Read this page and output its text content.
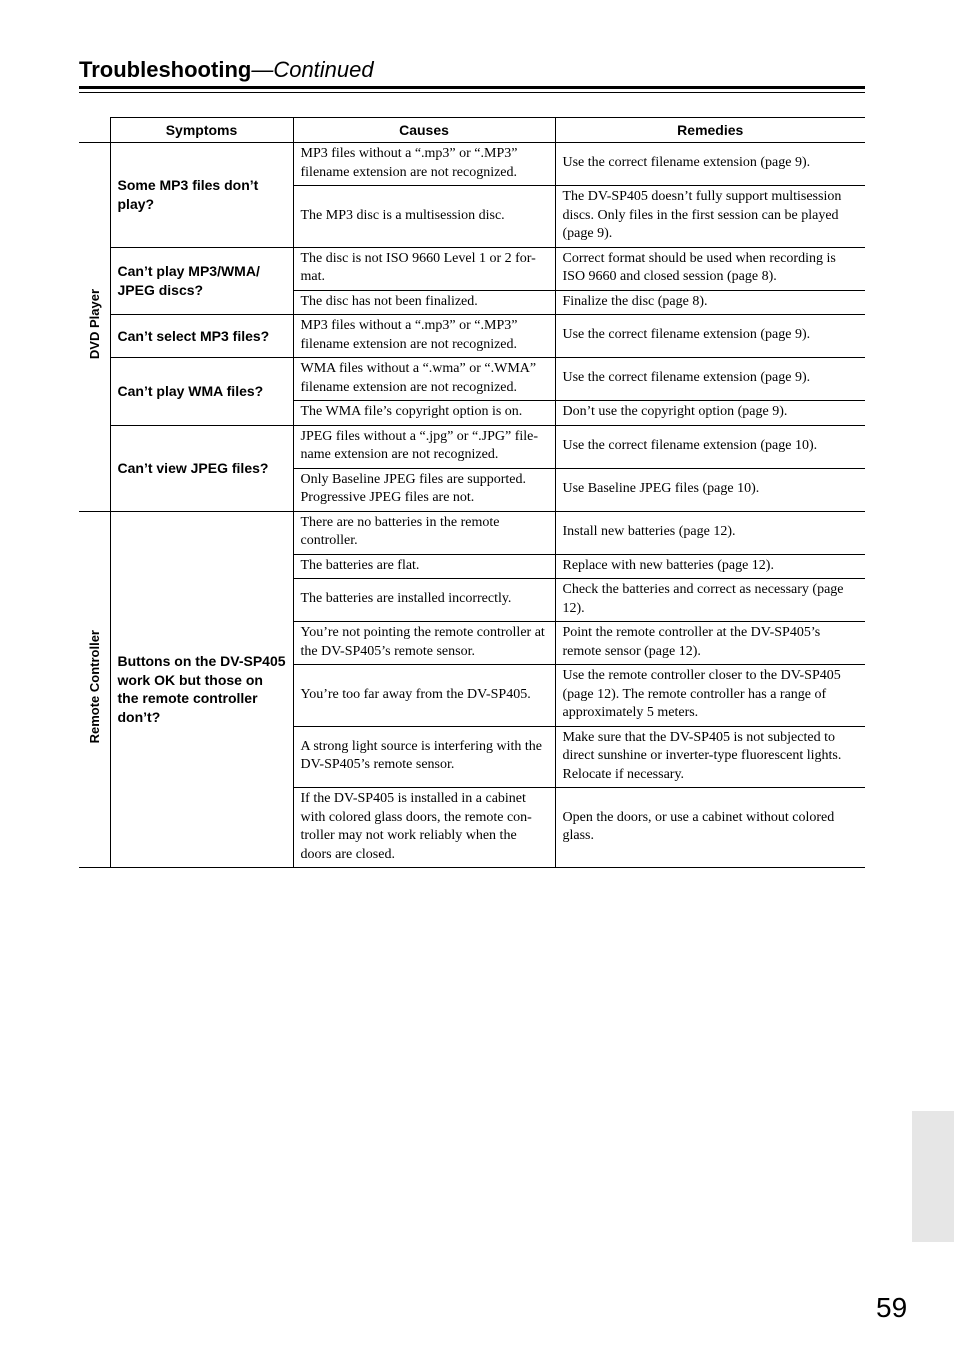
Troubleshooting—Continued
	Symptoms	Causes	Remedies
DVD Player	Some MP3 files don’t play?	MP3 files without a “.mp3” or “.MP3” filename extension are not recognized.	Use the correct filename extension (page 9).
		The MP3 disc is a multisession disc.	The DV-SP405 doesn’t fully support multisession discs. Only files in the first session can be played (page 9).
	Can’t play MP3/WMA/ JPEG discs?	The disc is not ISO 9660 Level 1 or 2 for-mat.	Correct format should be used when recording is ISO 9660 and closed session (page 8).
		The disc has not been finalized.	Finalize the disc (page 8).
	Can’t select MP3 files?	MP3 files without a “.mp3” or “.MP3” filename extension are not recognized.	Use the correct filename extension (page 9).
	Can’t play WMA files?	WMA files without a “.wma” or “.WMA” filename extension are not recognized.	Use the correct filename extension (page 9).
		The WMA file’s copyright option is on.	Don’t use the copyright option (page 9).
	Can’t view JPEG files?	JPEG files without a “.jpg” or “.JPG” file-name extension are not recognized.	Use the correct filename extension (page 10).
		Only Baseline JPEG files are supported. Progressive JPEG files are not.	Use Baseline JPEG files (page 10).
Remote Controller	Buttons on the DV-SP405 work OK but those on the remote controller don’t?	There are no batteries in the remote controller.	Install new batteries (page 12).
		The batteries are flat.	Replace with new batteries (page 12).
		The batteries are installed incorrectly.	Check the batteries and correct as necessary (page 12).
		You’re not pointing the remote controller at the DV-SP405’s remote sensor.	Point the remote controller at the DV-SP405’s remote sensor (page 12).
		You’re too far away from the DV-SP405.	Use the remote controller closer to the DV-SP405 (page 12). The remote controller has a range of approximately 5 meters.
		A strong light source is interfering with the DV-SP405’s remote sensor.	Make sure that the DV-SP405 is not subjected to direct sunshine or inverter-type fluorescent lights. Relocate if necessary.
		If the DV-SP405 is installed in a cabinet with colored glass doors, the remote con-troller may not work reliably when the doors are closed.	Open the doors, or use a cabinet without colored glass.
59
